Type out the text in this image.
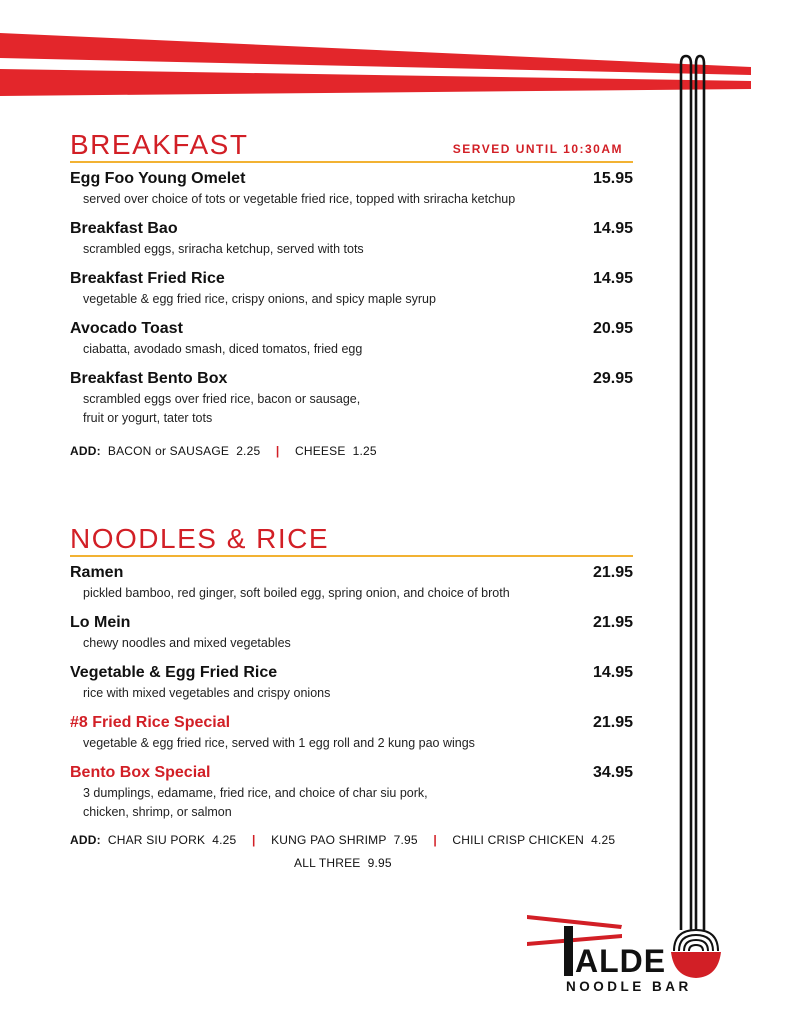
BREAKFAST	SERVED UNTIL 10:30AM
Egg Foo Young Omelet	15.95
served over choice of tots or vegetable fried rice, topped with sriracha ketchup
Breakfast Bao	14.95
scrambled eggs, sriracha ketchup, served with tots
Breakfast Fried Rice	14.95
vegetable & egg fried rice, crispy onions, and spicy maple syrup
Avocado Toast	20.95
ciabatta, avodado smash, diced tomatos, fried egg
Breakfast Bento Box	29.95
scrambled eggs over fried rice, bacon or sausage,
fruit or yogurt, tater tots
ADD: BACON or SAUSAGE 2.25 | CHEESE 1.25
NOODLES & RICE
Ramen	21.95
pickled bamboo, red ginger, soft boiled egg, spring onion, and choice of broth
Lo Mein	21.95
chewy noodles and mixed vegetables
Vegetable & Egg Fried Rice	14.95
rice with mixed vegetables and crispy onions
#8 Fried Rice Special	21.95
vegetable & egg fried rice, served with 1 egg roll and 2 kung pao wings
Bento Box Special	34.95
3 dumplings, edamame, fried rice, and choice of char siu pork,
chicken, shrimp, or salmon
ADD: CHAR SIU PORK 4.25 | KUNG PAO SHRIMP 7.95 | CHILI CRISP CHICKEN 4.25
ALL THREE 9.95
ALDE
NOODLE BAR
